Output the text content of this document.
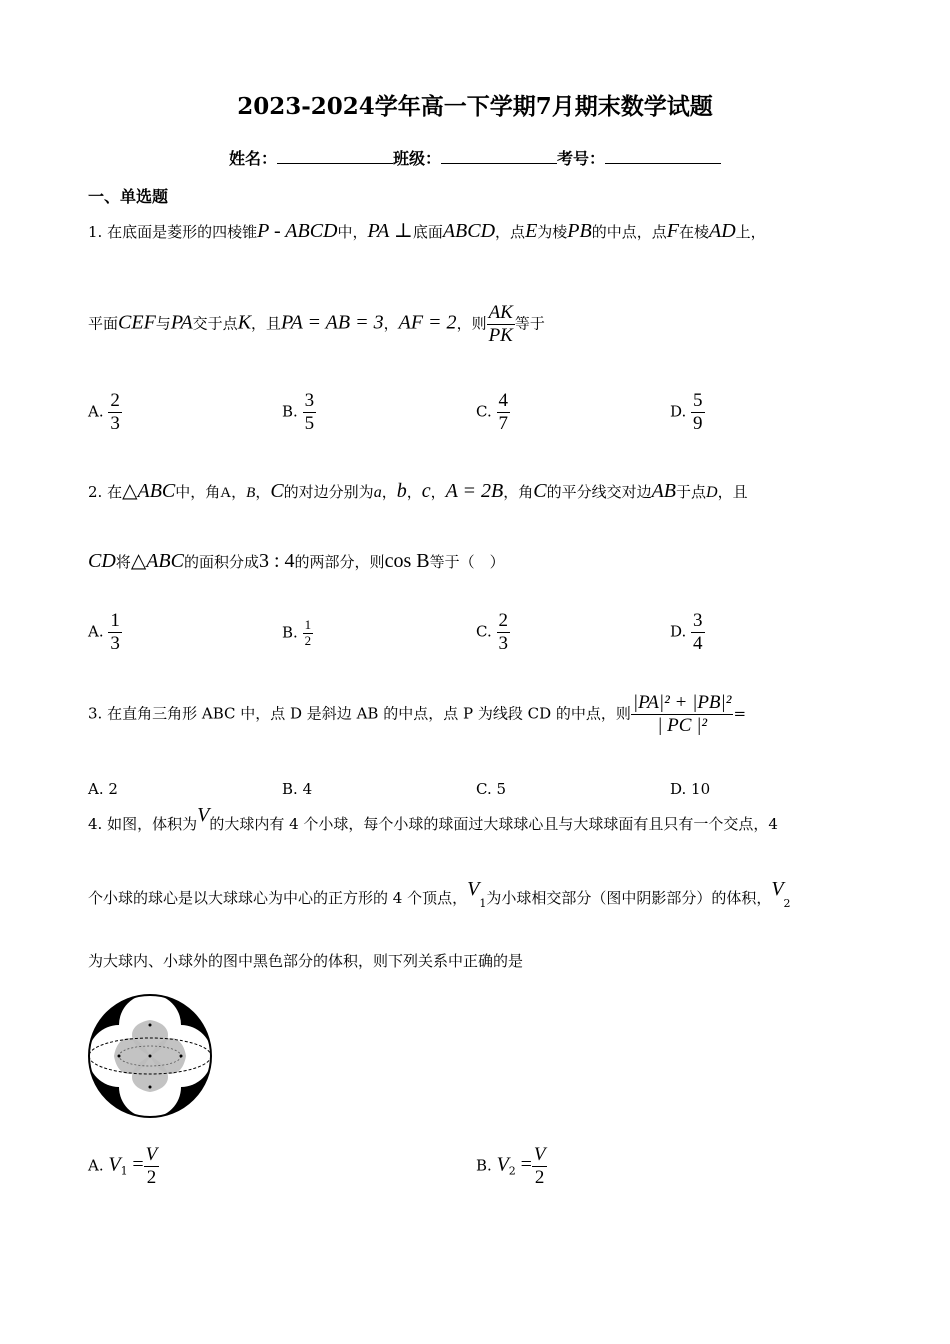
2023-2024学年高一下学期7月期末数学试题
姓名：	班级：	考号：
一、单选题
1. 在底面是菱形的四棱锥P - ABCD中，PA ⊥底面ABCD，点E为棱PB的中点，点F在棱AD上，
平面CEF与PA交于点K，且PA = AB = 3，AF = 2，则 $\frac{AK}{PK}$ 等于
A. $\frac{2}{3}$	B. $\frac{3}{5}$	C. $\frac{4}{7}$	D. $\frac{5}{9}$
2. 在△ABC中，角A，B，C的对边分别为a，b，c，A = 2B，角C的平分线交对边AB于点D，且
CD将△ABC的面积分成3 : 4的两部分，则cos B等于（　）
A. $\frac{1}{3}$	B. $\frac{1}{2}$	C. $\frac{2}{3}$	D. $\frac{3}{4}$
3. 在直角三角形 ABC 中，点 D 是斜边 AB 的中点，点 P 为线段 CD 的中点，则 $\frac{\text{|PA|² + |PB|²}}{\text{| PC |²}}$ =
A. 2	B. 4	C. 5	D. 10
4. 如图，体积为V的大球内有 4 个小球，每个小球的球面过大球球心且与大球球面有且只有一个交点，4
个小球的球心是以大球球心为中心的正方形的 4 个顶点，$V_1$为小球相交部分（图中阴影部分）的体积，$V_2$
为大球内、小球外的图中黑色部分的体积，则下列关系中正确的是
A. $V_1 = \frac{V}{2}$	B. $V_2 = \frac{V}{2}$
